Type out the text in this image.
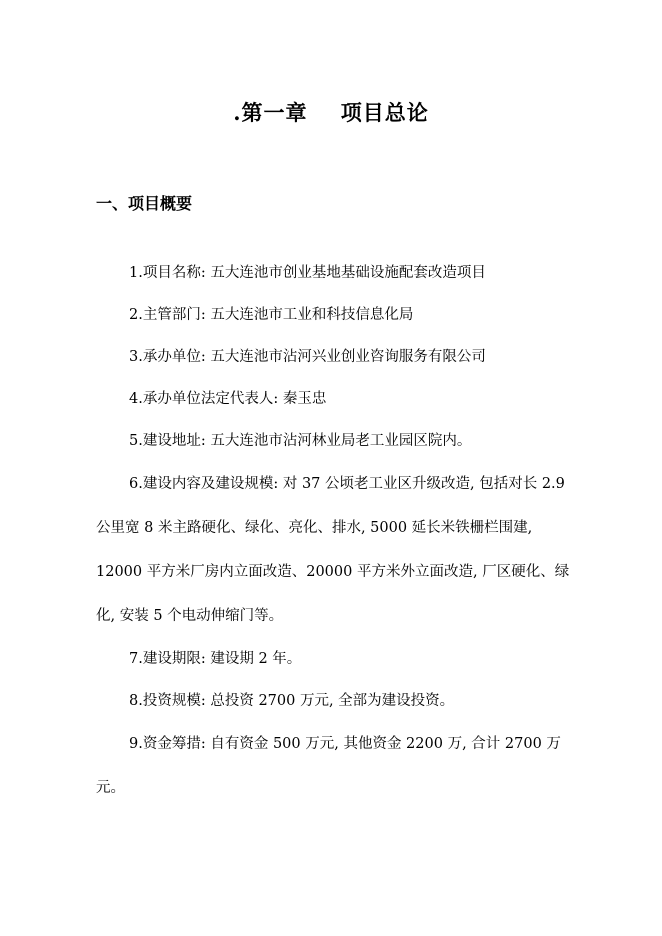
.第一章    项目总论
一、项目概要

1.项目名称: 五大连池市创业基地基础设施配套改造项目

2.主管部门: 五大连池市工业和科技信息化局

3.承办单位: 五大连池市沾河兴业创业咨询服务有限公司

4.承办单位法定代表人: 秦玉忠

5.建设地址: 五大连池市沾河林业局老工业园区院内。

6.建设内容及建设规模: 对 37 公顷老工业区升级改造, 包括对长 2.9 公里宽 8 米主路硬化、绿化、亮化、排水, 5000 延长米铁栅栏围建, 12000 平方米厂房内立面改造、20000 平方米外立面改造, 厂区硬化、绿化, 安装 5 个电动伸缩门等。

7.建设期限: 建设期 2 年。

8.投资规模: 总投资 2700 万元, 全部为建设投资。

9.资金筹措: 自有资金 500 万元, 其他资金 2200 万, 合计 2700 万元。
